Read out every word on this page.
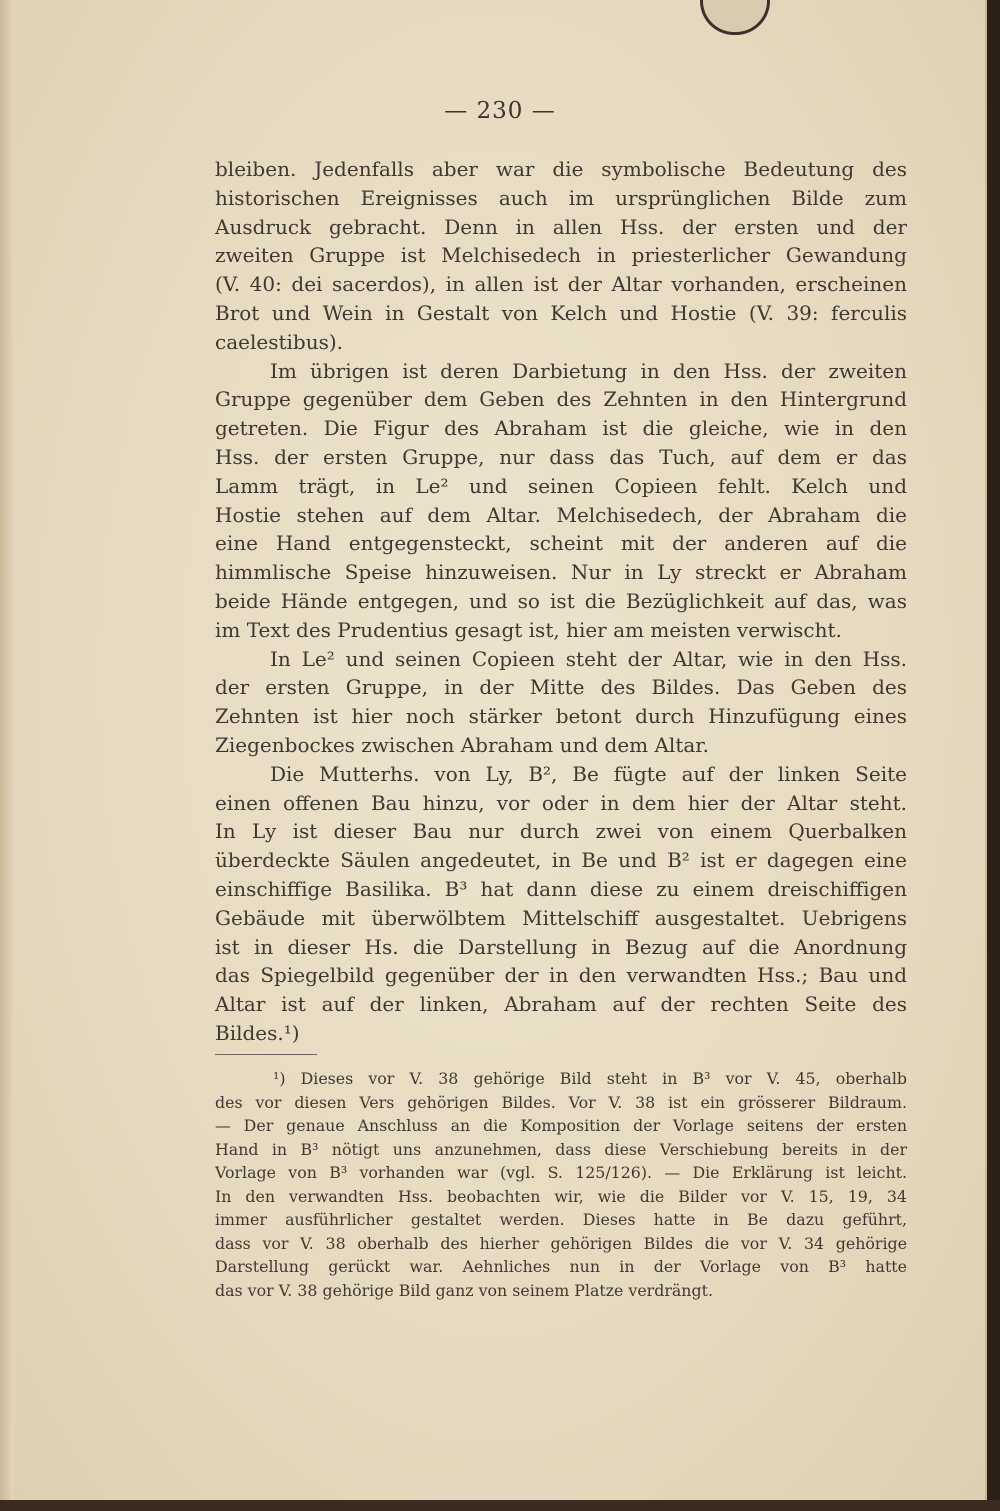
— 230 —
bleiben. Jedenfalls aber war die symbolische Bedeutung des
historischen Ereignisses auch im ursprünglichen Bilde zum
Ausdruck gebracht. Denn in allen Hss. der ersten und der
zweiten Gruppe ist Melchisedech in priesterlicher Gewandung
(V. 40: dei sacerdos), in allen ist der Altar vorhanden, erscheinen
Brot und Wein in Gestalt von Kelch und Hostie (V. 39: ferculis
caelestibus).
Im übrigen ist deren Darbietung in den Hss. der zweiten
Gruppe gegenüber dem Geben des Zehnten in den Hintergrund
getreten. Die Figur des Abraham ist die gleiche, wie in den
Hss. der ersten Gruppe, nur dass das Tuch, auf dem er das
Lamm trägt, in Le² und seinen Copieen fehlt. Kelch und
Hostie stehen auf dem Altar. Melchisedech, der Abraham die
eine Hand entgegensteckt, scheint mit der anderen auf die
himmlische Speise hinzuweisen. Nur in Ly streckt er Abraham
beide Hände entgegen, und so ist die Bezüglichkeit auf das, was
im Text des Prudentius gesagt ist, hier am meisten verwischt.
In Le² und seinen Copieen steht der Altar, wie in den Hss.
der ersten Gruppe, in der Mitte des Bildes. Das Geben des
Zehnten ist hier noch stärker betont durch Hinzufügung eines
Ziegenbockes zwischen Abraham und dem Altar.
Die Mutterhs. von Ly, B², Be fügte auf der linken Seite
einen offenen Bau hinzu, vor oder in dem hier der Altar steht.
In Ly ist dieser Bau nur durch zwei von einem Querbalken
überdeckte Säulen angedeutet, in Be und B² ist er dagegen eine
einschiffige Basilika. B³ hat dann diese zu einem dreischiffigen
Gebäude mit überwölbtem Mittelschiff ausgestaltet. Uebrigens
ist in dieser Hs. die Darstellung in Bezug auf die Anordnung
das Spiegelbild gegenüber der in den verwandten Hss.; Bau und
Altar ist auf der linken, Abraham auf der rechten Seite des
Bildes.¹)
¹) Dieses vor V. 38 gehörige Bild steht in B³ vor V. 45, oberhalb
des vor diesen Vers gehörigen Bildes. Vor V. 38 ist ein grösserer Bildraum.
— Der genaue Anschluss an die Komposition der Vorlage seitens der ersten
Hand in B³ nötigt uns anzunehmen, dass diese Verschiebung bereits in der
Vorlage von B³ vorhanden war (vgl. S. 125/126). — Die Erklärung ist leicht.
In den verwandten Hss. beobachten wir, wie die Bilder vor V. 15, 19, 34
immer ausführlicher gestaltet werden. Dieses hatte in Be dazu geführt,
dass vor V. 38 oberhalb des hierher gehörigen Bildes die vor V. 34 gehörige
Darstellung gerückt war. Aehnliches nun in der Vorlage von B³ hatte
das vor V. 38 gehörige Bild ganz von seinem Platze verdrängt.
